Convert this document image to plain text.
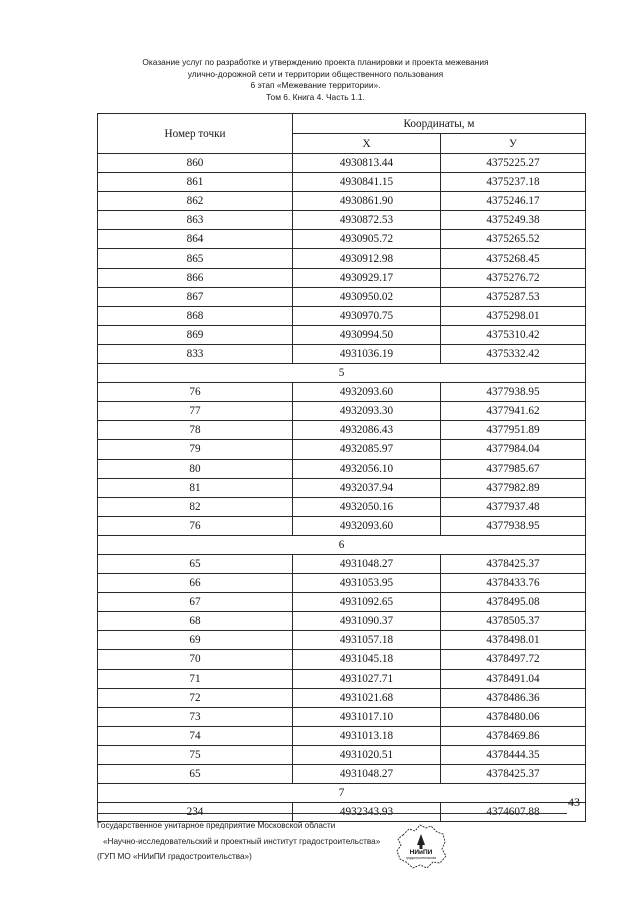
Оказание услуг по разработке и утверждению проекта планировки и проекта межевания
улично-дорожной сети и территории общественного пользования
6 этап «Межевание территории».
Том 6. Книга 4. Часть 1.1.
Номер точки	Координаты, м	
	X	У
860	4930813.44	4375225.27
861	4930841.15	4375237.18
862	4930861.90	4375246.17
863	4930872.53	4375249.38
864	4930905.72	4375265.52
865	4930912.98	4375268.45
866	4930929.17	4375276.72
867	4930950.02	4375287.53
868	4930970.75	4375298.01
869	4930994.50	4375310.42
833	4931036.19	4375332.42
5		
76	4932093.60	4377938.95
77	4932093.30	4377941.62
78	4932086.43	4377951.89
79	4932085.97	4377984.04
80	4932056.10	4377985.67
81	4932037.94	4377982.89
82	4932050.16	4377937.48
76	4932093.60	4377938.95
6		
65	4931048.27	4378425.37
66	4931053.95	4378433.76
67	4931092.65	4378495.08
68	4931090.37	4378505.37
69	4931057.18	4378498.01
70	4931045.18	4378497.72
71	4931027.71	4378491.04
72	4931021.68	4378486.36
73	4931017.10	4378480.06
74	4931013.18	4378469.86
75	4931020.51	4378444.35
65	4931048.27	4378425.37
7		
234	4932343.93	4374607.88
43
Государственное унитарное предприятие Московской области
«Научно-исследовательский и проектный институт градостроительства»
(ГУП МО «НИиПИ градостроительства»)	НИиПИ
градостроительства
